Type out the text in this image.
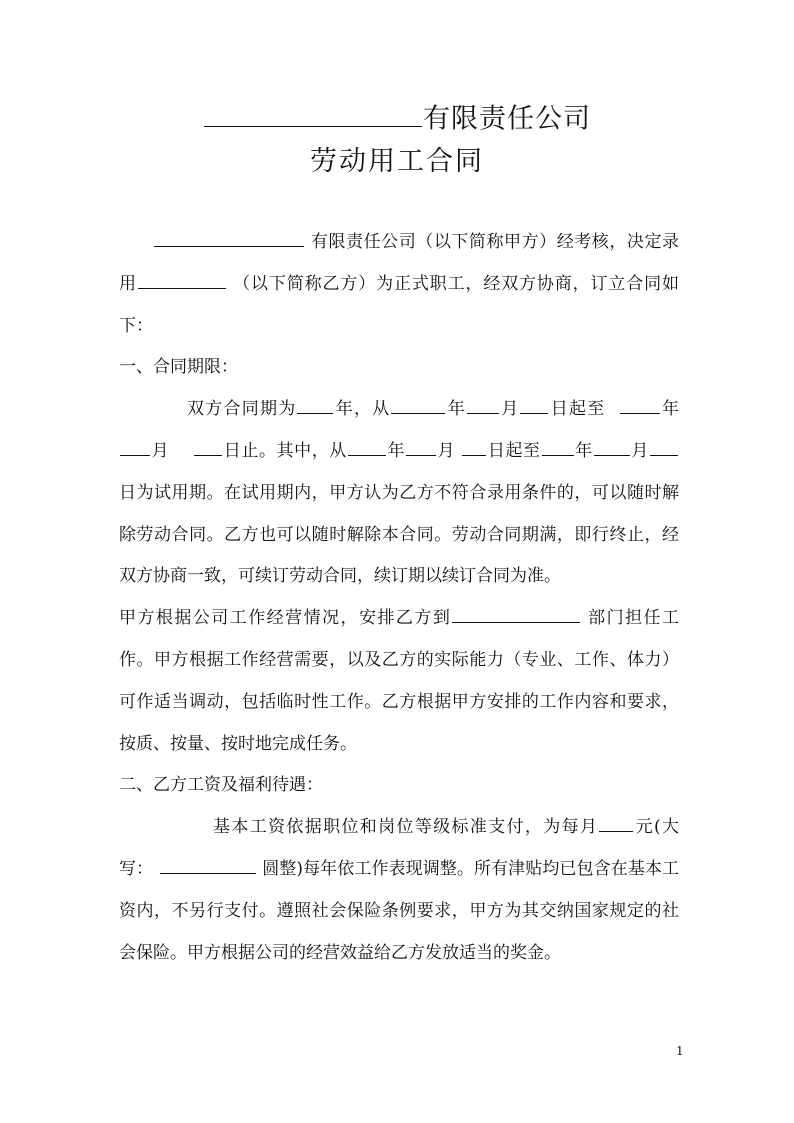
有限责任公司
劳动用工合同

有限责任公司（以下简称甲方）经考核，决定录用	（以下简称乙方）为正式职工，经双方协商，订立合同如下：

一、合同期限：

双方合同期为 年，从	年 月 日起至	年月	日止。其中，从 年 月 日起至 年 月日为试用期。在试用期内，甲方认为乙方不符合录用条件的，可以随时解除劳动合同。乙方也可以随时解除本合同。劳动合同期满，即行终止，经双方协商一致，可续订劳动合同，续订期以续订合同为准。

甲方根据公司工作经营情况，安排乙方到	部门担任工作。甲方根据工作经营需要，以及乙方的实际能力（专业、工作、体力）可作适当调动，包括临时性工作。乙方根据甲方安排的工作内容和要求，按质、按量、按时地完成任务。

二、乙方工资及福利待遇：

基本工资依据职位和岗位等级标准支付，为每月 元(大写：	圆整)每年依工作表现调整。所有津贴均已包含在基本工资内，不另行支付。遵照社会保险条例要求，甲方为其交纳国家规定的社会保险。甲方根据公司的经营效益给乙方发放适当的奖金。

1
